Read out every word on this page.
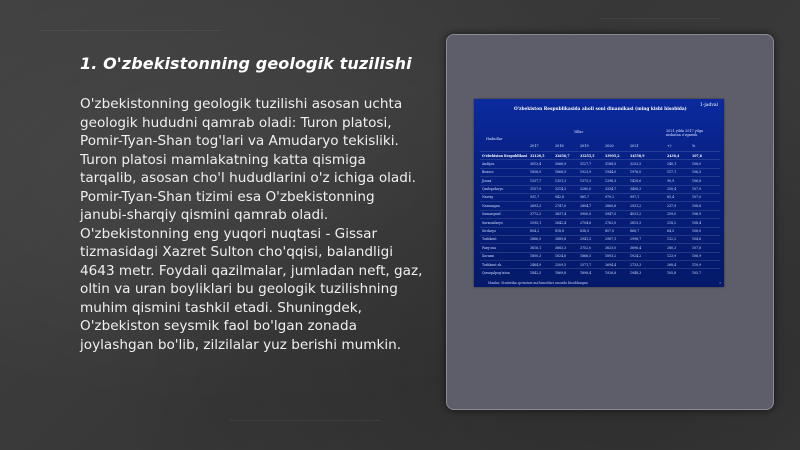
1. O'zbekistonning geologik tuzilishi
O'zbekistonning geologik tuzilishi asosan uchta geologik hududni qamrab oladi: Turon platosi, Pomir-Tyan-Shan tog'lari va Amudaryo tekisliki. Turon platosi mamlakatning katta qismiga tarqalib, asosan cho'l hududlarini o'z ichiga oladi. Pomir-Tyan-Shan tizimi esa O'zbekistonning janubi-sharqiy qismini qamrab oladi. O'zbekistonning eng yuqori nuqtasi - Gissar tizmasidagi Xazret Sulton cho'qqisi, balandligi 4643 metr. Foydali qazilmalar, jumladan neft, gaz, oltin va uran boyliklari bu geologik tuzilishning muhim qismini tashkil etadi. Shuningdek, O'zbekiston seysmik faol bo'lgan zonada joylashgan bo'lib, zilzilalar yuz berishi mumkin.
1-jadval
O'zbekiston Respublikasida aholi soni dinamikasi (ming kishi hisobida)
Hududlar
Yillar	2021 yilda 2017 yilga nisbatan o'zgarish
2017	2018	2019	2020	2021	+/-	%
O'zbekiston Respublikasi 32120,5	32656,7	33255,5	33905,2	34558,9	2438,4	107,6
Andijon	3013,4	3066,9	3127,7	3188,5	3253,5	240,1	108,0
Buxoro	1858,9	1868,9	1923,9	1944,0	1976,0	117,1	106,3
Jizzax	1337,7	1351,3	1375,3	1398,3	1428,6	90,9	106,8
Qashqadaryo	3157,9	3214,3	3280,0	3334,7	3408,3	250,4	107,9
Navoiy	931,7	942,8	961,7	979,2	997,1	65,4	107,0
Namangan	2693,3	2747,0	2804,7	2860,6	2931,2	237,9	108,8
Samarqand	3772,2	3837,4	3900,0	3947,5	4031,2	259,0	106,9
Surxondaryo	2595,1	2642,4	2704,6	2762,0	2813,3	218,2	108,4
Sirdaryo	804,2	818,8	838,5	857,0	868,7	64,5	108,0
Toshkent	2866,5	2889,8	2941,5	2987,1	2998,7	132,2	104,6
Farg'ona	3616,1	3683,3	3752,0	3825,0	3896,4	280,3	107,8
Xorazm	1800,3	1824,6	1866,5	1893,2	1924,2	123,9	106,9
Toshkent sh.	2464,9	2509,5	2571,7	2694,4	2733,3	268,4	110,9
Qoraqalpog'iston	1842,5	1869,8	1898,4	1926,8	1948,3	105,8	105,7
Manba: Statistika qo'mitasi ma'lumotlari asosida hisoblangan	1
